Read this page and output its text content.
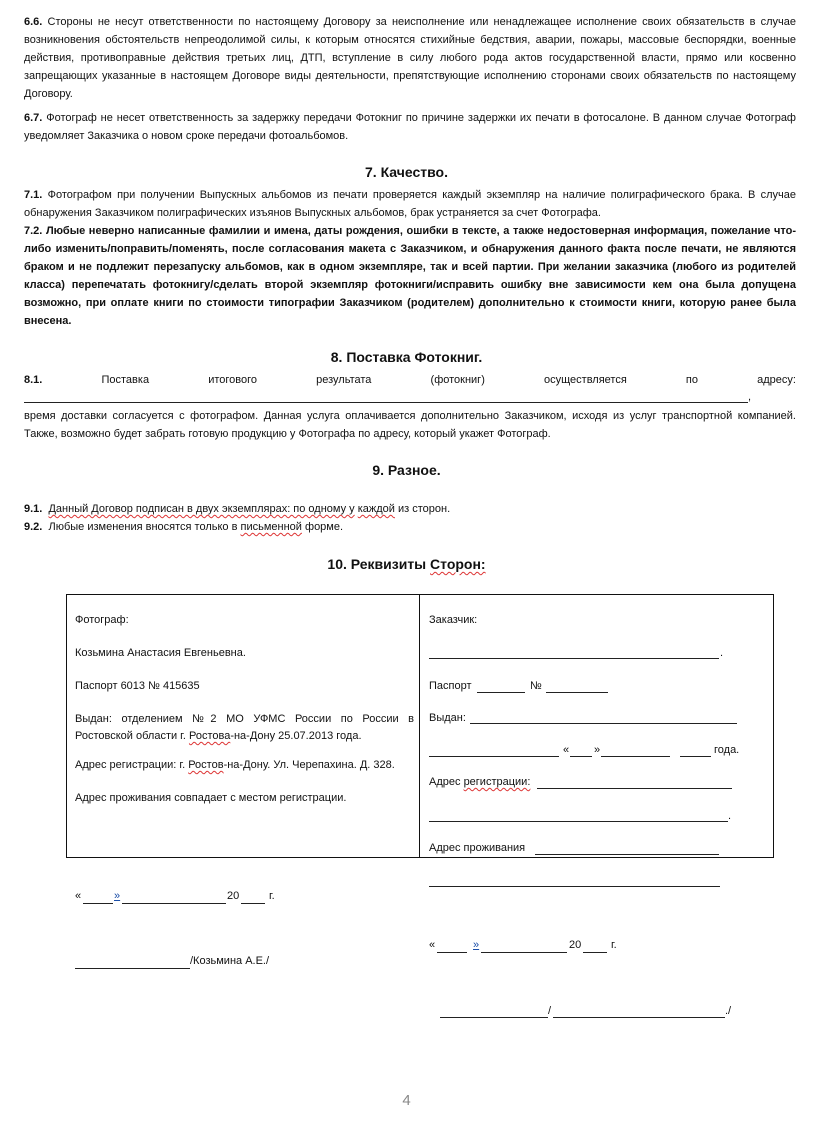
6.6. Стороны не несут ответственности по настоящему Договору за неисполнение или ненадлежащее исполнение своих обязательств в случае возникновения обстоятельств непреодолимой силы, к которым относятся стихийные бедствия, аварии, пожары, массовые беспорядки, военные действия, противоправные действия третьих лиц, ДТП, вступление в силу любого рода актов государственной власти, прямо или косвенно запрещающих указанные в настоящем Договоре виды деятельности, препятствующие исполнению сторонами своих обязательств по настоящему Договору.

6.7. Фотограф не несет ответственность за задержку передачи Фотокниг по причине задержки их печати в фотосалоне. В данном случае Фотограф уведомляет Заказчика о новом сроке передачи фотоальбомов.

7. Качество.

7.1. Фотографом при получении Выпускных альбомов из печати проверяется каждый экземпляр на наличие полиграфического брака. В случае обнаружения Заказчиком полиграфических изъянов Выпускных альбомов, брак устраняется за счет Фотографа.

7.2. Любые неверно написанные фамилии и имена, даты рождения, ошибки в тексте, а также недостоверная информация, пожелание что-либо изменить/поправить/поменять, после согласования макета с Заказчиком, и обнаружения данного факта после печати, не являются браком и не подлежит перезапуску альбомов, как в одном экземпляре, так и всей партии. При желании заказчика (любого из родителей класса) перепечатать фотокнигу/сделать второй экземпляр фотокниги/исправить ошибку вне зависимости кем она была допущена возможно, при оплате книги по стоимости типографии Заказчиком (родителем) дополнительно к стоимости книги, которую ранее была внесена.

8. Поставка Фотокниг.
8.1.	Поставка	итогового	результата	(фотокниг)	осуществляется	по	адресу:
,

время доставки согласуется с фотографом. Данная услуга оплачивается дополнительно Заказчиком, исходя из услуг транспортной компанией. Также, возможно будет забрать готовую продукцию у Фотографа по адресу, который укажет Фотограф.

9. Разное.

9.1. Данный Договор подписан в двух экземплярах: по одному у каждой из сторон.

9.2. Любые изменения вносятся только в письменной форме.

10. Реквизиты Сторон:
Фотограф:
Козьмина Анастасия Евгеньевна.
Паспорт 6013 № 415635
Выдан: отделением №2 МО УФМС России по России в Ростовской области г. Ростова-на-Дону 25.07.2013 года.
Адрес регистрации: г. Ростов-на-Дону. Ул. Черепахина. Д. 328.
Адрес проживания совпадает с местом регистрации.
«	»	20	г.
/Козьмина А.Е./
Заказчик:
.
Паспорт	№
Выдан:
« »	года.
Адрес регистрации:
.
Адрес проживания
«	»	20	г.
/	./
4
